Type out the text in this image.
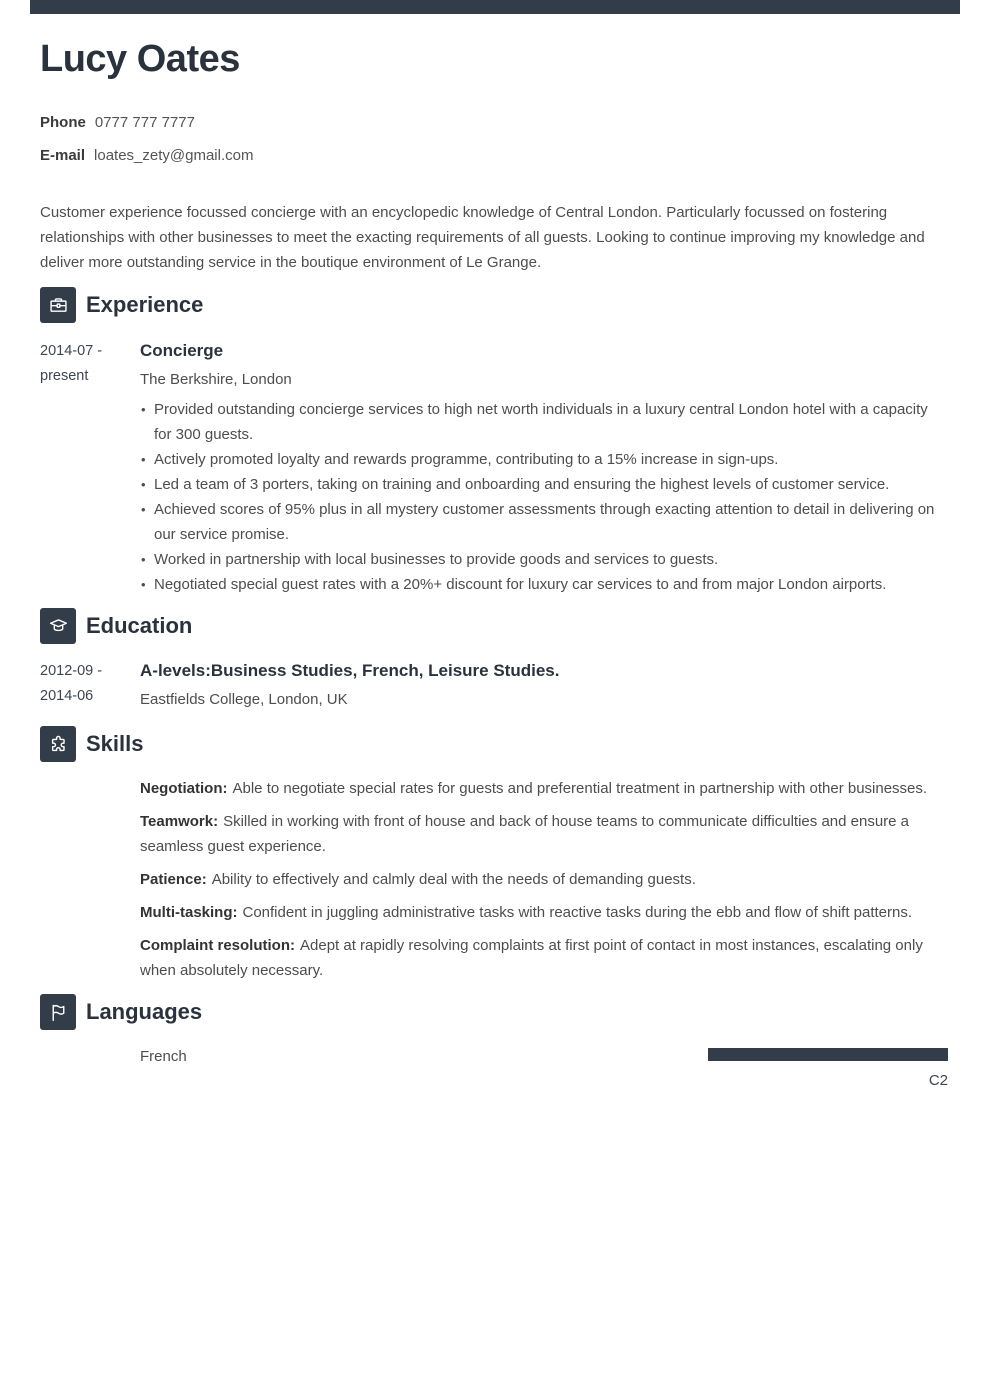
Lucy Oates
Phone 0777 777 7777
E-mail loates_zety@gmail.com
Customer experience focussed concierge with an encyclopedic knowledge of Central London. Particularly focussed on fostering relationships with other businesses to meet the exacting requirements of all guests. Looking to continue improving my knowledge and deliver more outstanding service in the boutique environment of Le Grange.
Experience
2014-07 -
present

Concierge

The Berkshire, London
• Provided outstanding concierge services to high net worth individuals in a luxury central London hotel with a capacity for 300 guests.
• Actively promoted loyalty and rewards programme, contributing to a 15% increase in sign-ups.
• Led a team of 3 porters, taking on training and onboarding and ensuring the highest levels of customer service.
• Achieved scores of 95% plus in all mystery customer assessments through exacting attention to detail in delivering on our service promise.
• Worked in partnership with local businesses to provide goods and services to guests.
• Negotiated special guest rates with a 20%+ discount for luxury car services to and from major London airports.
Education
2012-09 -
2014-06

A-levels:Business Studies, French, Leisure Studies.

Eastfields College, London, UK
Skills
Negotiation: Able to negotiate special rates for guests and preferential treatment in partnership with other businesses.
Teamwork: Skilled in working with front of house and back of house teams to communicate difficulties and ensure a seamless guest experience.
Patience: Ability to effectively and calmly deal with the needs of demanding guests.
Multi-tasking: Confident in juggling administrative tasks with reactive tasks during the ebb and flow of shift patterns.
Complaint resolution: Adept at rapidly resolving complaints at first point of contact in most instances, escalating only when absolutely necessary.
Languages
French
C2
